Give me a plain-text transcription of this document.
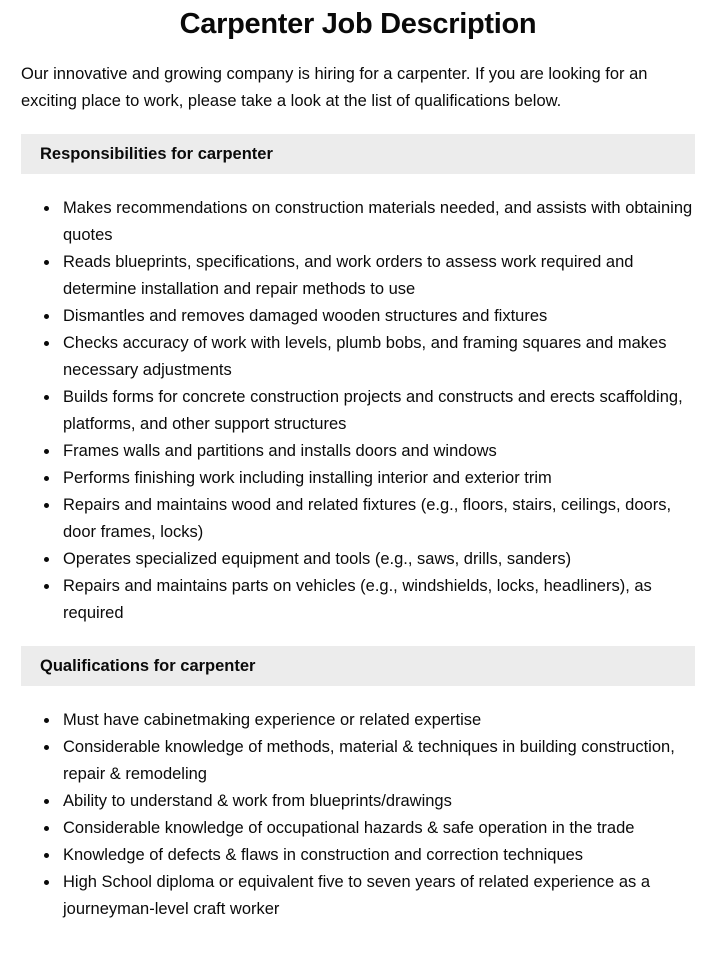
Carpenter Job Description

Our innovative and growing company is hiring for a carpenter. If you are looking for an exciting place to work, please take a look at the list of qualifications below.

Responsibilities for carpenter
• Makes recommendations on construction materials needed, and assists with obtaining quotes
• Reads blueprints, specifications, and work orders to assess work required and determine installation and repair methods to use
• Dismantles and removes damaged wooden structures and fixtures
• Checks accuracy of work with levels, plumb bobs, and framing squares and makes necessary adjustments
• Builds forms for concrete construction projects and constructs and erects scaffolding, platforms, and other support structures
• Frames walls and partitions and installs doors and windows
• Performs finishing work including installing interior and exterior trim
• Repairs and maintains wood and related fixtures (e.g., floors, stairs, ceilings, doors, door frames, locks)
• Operates specialized equipment and tools (e.g., saws, drills, sanders)
• Repairs and maintains parts on vehicles (e.g., windshields, locks, headliners), as required
Qualifications for carpenter
• Must have cabinetmaking experience or related expertise
• Considerable knowledge of methods, material & techniques in building construction, repair & remodeling
• Ability to understand & work from blueprints/drawings
• Considerable knowledge of occupational hazards & safe operation in the trade
• Knowledge of defects & flaws in construction and correction techniques
• High School diploma or equivalent five to seven years of related experience as a journeyman-level craft worker
